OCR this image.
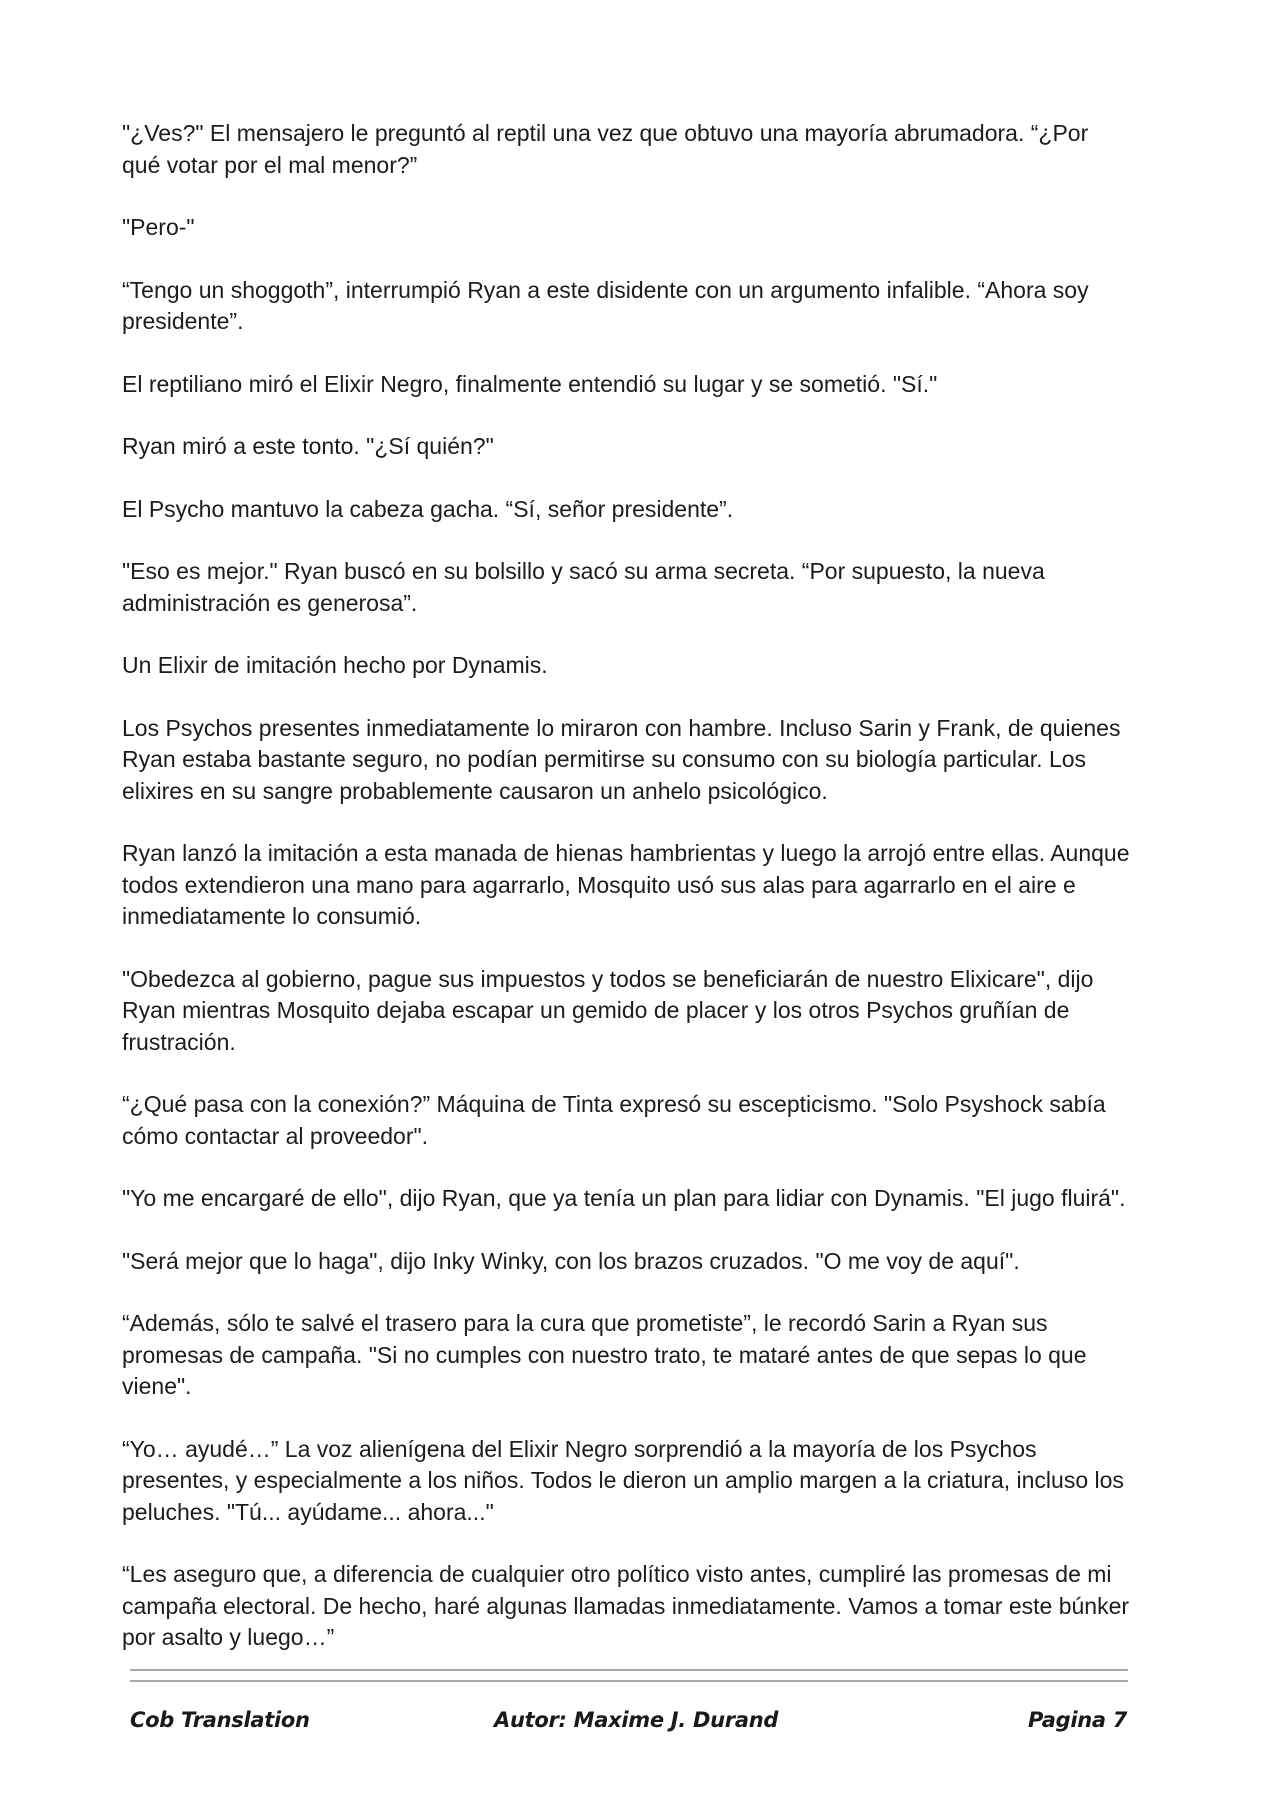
"¿Ves?" El mensajero le preguntó al reptil una vez que obtuvo una mayoría abrumadora. “¿Por qué votar por el mal menor?”

"Pero-"

“Tengo un shoggoth”, interrumpió Ryan a este disidente con un argumento infalible. “Ahora soy presidente”.

El reptiliano miró el Elixir Negro, finalmente entendió su lugar y se sometió. "Sí."

Ryan miró a este tonto. "¿Sí quién?"

El Psycho mantuvo la cabeza gacha. “Sí, señor presidente”.

"Eso es mejor." Ryan buscó en su bolsillo y sacó su arma secreta. “Por supuesto, la nueva administración es generosa”.

Un Elixir de imitación hecho por Dynamis.

Los Psychos presentes inmediatamente lo miraron con hambre. Incluso Sarin y Frank, de quienes Ryan estaba bastante seguro, no podían permitirse su consumo con su biología particular. Los elixires en su sangre probablemente causaron un anhelo psicológico.

Ryan lanzó la imitación a esta manada de hienas hambrientas y luego la arrojó entre ellas. Aunque todos extendieron una mano para agarrarlo, Mosquito usó sus alas para agarrarlo en el aire e inmediatamente lo consumió.

"Obedezca al gobierno, pague sus impuestos y todos se beneficiarán de nuestro Elixicare", dijo Ryan mientras Mosquito dejaba escapar un gemido de placer y los otros Psychos gruñían de frustración.

“¿Qué pasa con la conexión?” Máquina de Tinta expresó su escepticismo. "Solo Psyshock sabía cómo contactar al proveedor".

"Yo me encargaré de ello", dijo Ryan, que ya tenía un plan para lidiar con Dynamis. "El jugo fluirá".

"Será mejor que lo haga", dijo Inky Winky, con los brazos cruzados. "O me voy de aquí".

“Además, sólo te salvé el trasero para la cura que prometiste”, le recordó Sarin a Ryan sus promesas de campaña. "Si no cumples con nuestro trato, te mataré antes de que sepas lo que viene".

“Yo… ayudé…” La voz alienígena del Elixir Negro sorprendió a la mayoría de los Psychos presentes, y especialmente a los niños. Todos le dieron un amplio margen a la criatura, incluso los peluches. "Tú... ayúdame... ahora..."

“Les aseguro que, a diferencia de cualquier otro político visto antes, cumpliré las promesas de mi campaña electoral. De hecho, haré algunas llamadas inmediatamente. Vamos a tomar este búnker por asalto y luego…”

Cob Translation	Autor: Maxime J. Durand	Pagina 7
